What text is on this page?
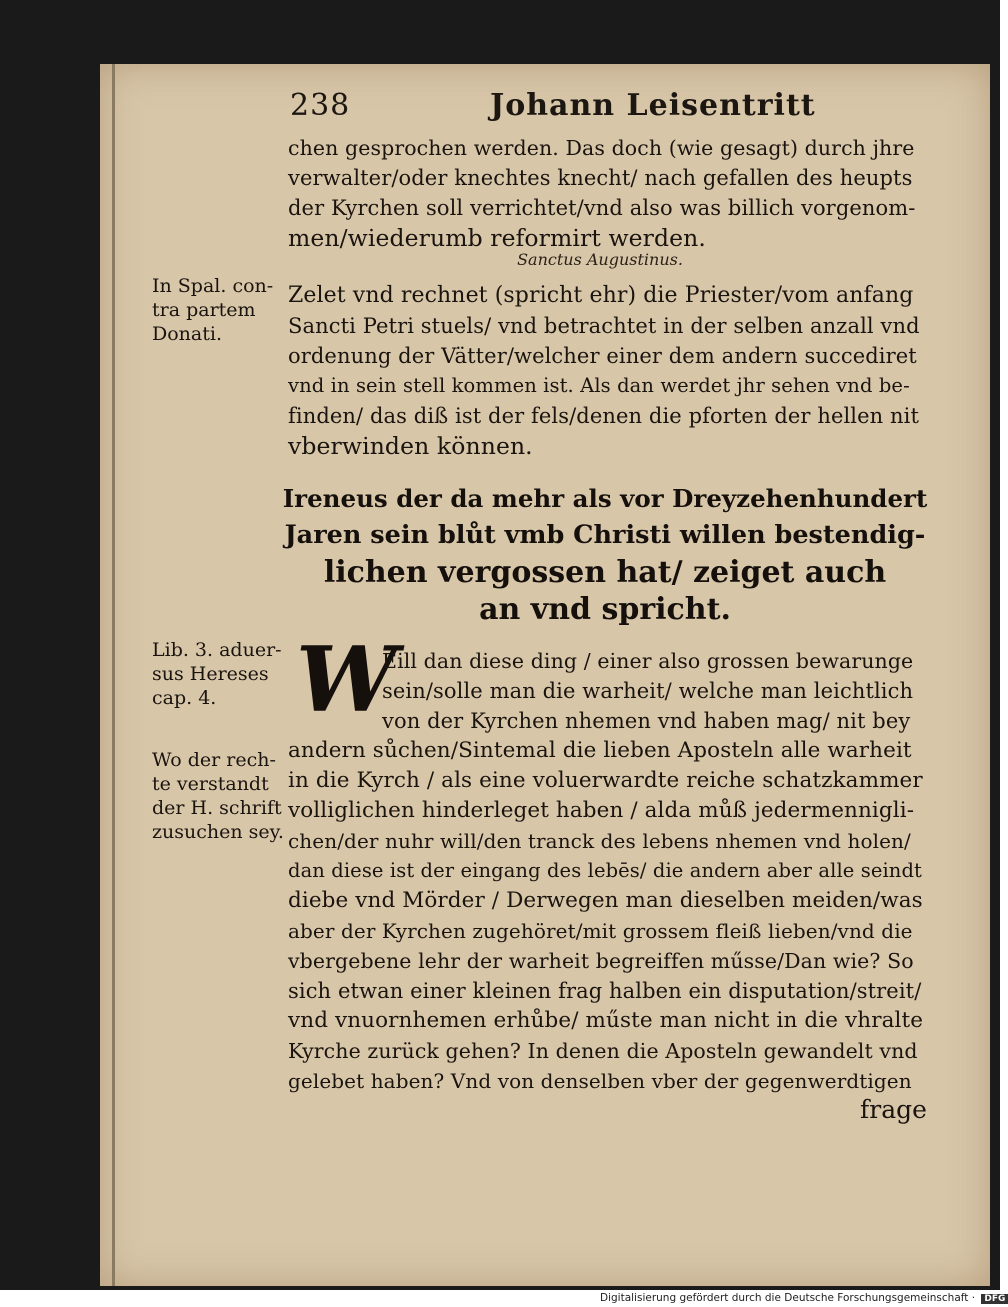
238	Johann Leisentritt
chen gesprochen werden. Das doch (wie gesagt) durch jhre
verwalter/oder knechtes knecht/ nach gefallen des heupts
der Kyrchen soll verrichtet/vnd also was billich vorgenom-
men/wiederumb reformirt werden.
Sanctus Augustinus.
In Spal. con-
tra partem
Donati.
Zelet vnd rechnet (spricht ehr) die Priester/vom anfang
Sancti Petri stuels/ vnd betrachtet in der selben anzall vnd
ordenung der Vätter/welcher einer dem andern succediret
vnd in sein stell kommen ist. Als dan werdet jhr sehen vnd be-
finden/ das diß ist der fels/denen die pforten der hellen nit
vberwinden können.
Ireneus der da mehr als vor Dreyzehenhundert
Jaren sein blůt vmb Christi willen bestendig-
lichen vergossen hat/ zeiget auch
an vnd spricht.
Lib. 3. aduer-
sus Hereses
cap. 4.
Wo der rech-
te verstandt
der H. schrift
zusuchen sey.
W
Eill dan diese ding / einer also grossen bewarunge
sein/solle man die warheit/ welche man leichtlich
von der Kyrchen nhemen vnd haben mag/ nit bey
andern sůchen/Sintemal die lieben Aposteln alle warheit
in die Kyrch / als eine voluerwardte reiche schatzkammer
volliglichen hinderleget haben / alda můß jedermennigli-
chen/der nuhr will/den tranck des lebens nhemen vnd holen/
dan diese ist der eingang des lebēs/ die andern aber alle seindt
diebe vnd Mörder / Derwegen man dieselben meiden/was
aber der Kyrchen zugehöret/mit grossem fleiß lieben/vnd die
vbergebene lehr der warheit begreiffen műsse/Dan wie? So
sich etwan einer kleinen frag halben ein disputation/streit/
vnd vnuornhemen erhůbe/ műste man nicht in die vhralte
Kyrche zurück gehen? In denen die Aposteln gewandelt vnd
gelebet haben? Vnd von denselben vber der gegenwerdtigen
frage
Digitalisierung gefördert durch die Deutsche Forschungsgemeinschaft · DFG
